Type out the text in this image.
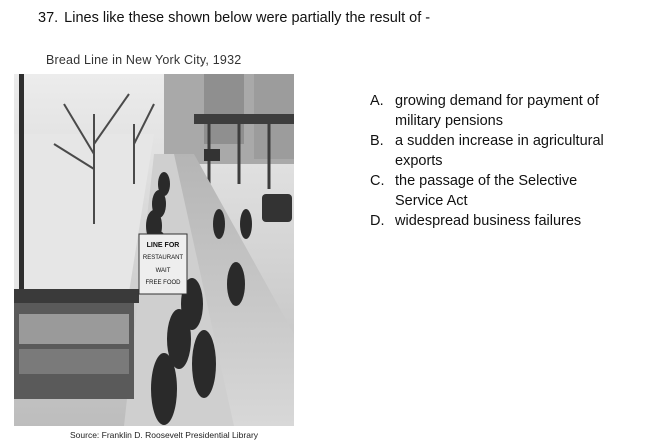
37. Lines like these shown below were partially the result of -
Bread Line in New York City, 1932
LINE FOR
RESTAURANT
WAIT
FREE FOOD
Source: Franklin D. Roosevelt Presidential Library
A. growing demand for payment of military pensions
B. a sudden increase in agricultural exports
C. the passage of the Selective Service Act
D. widespread business failures
